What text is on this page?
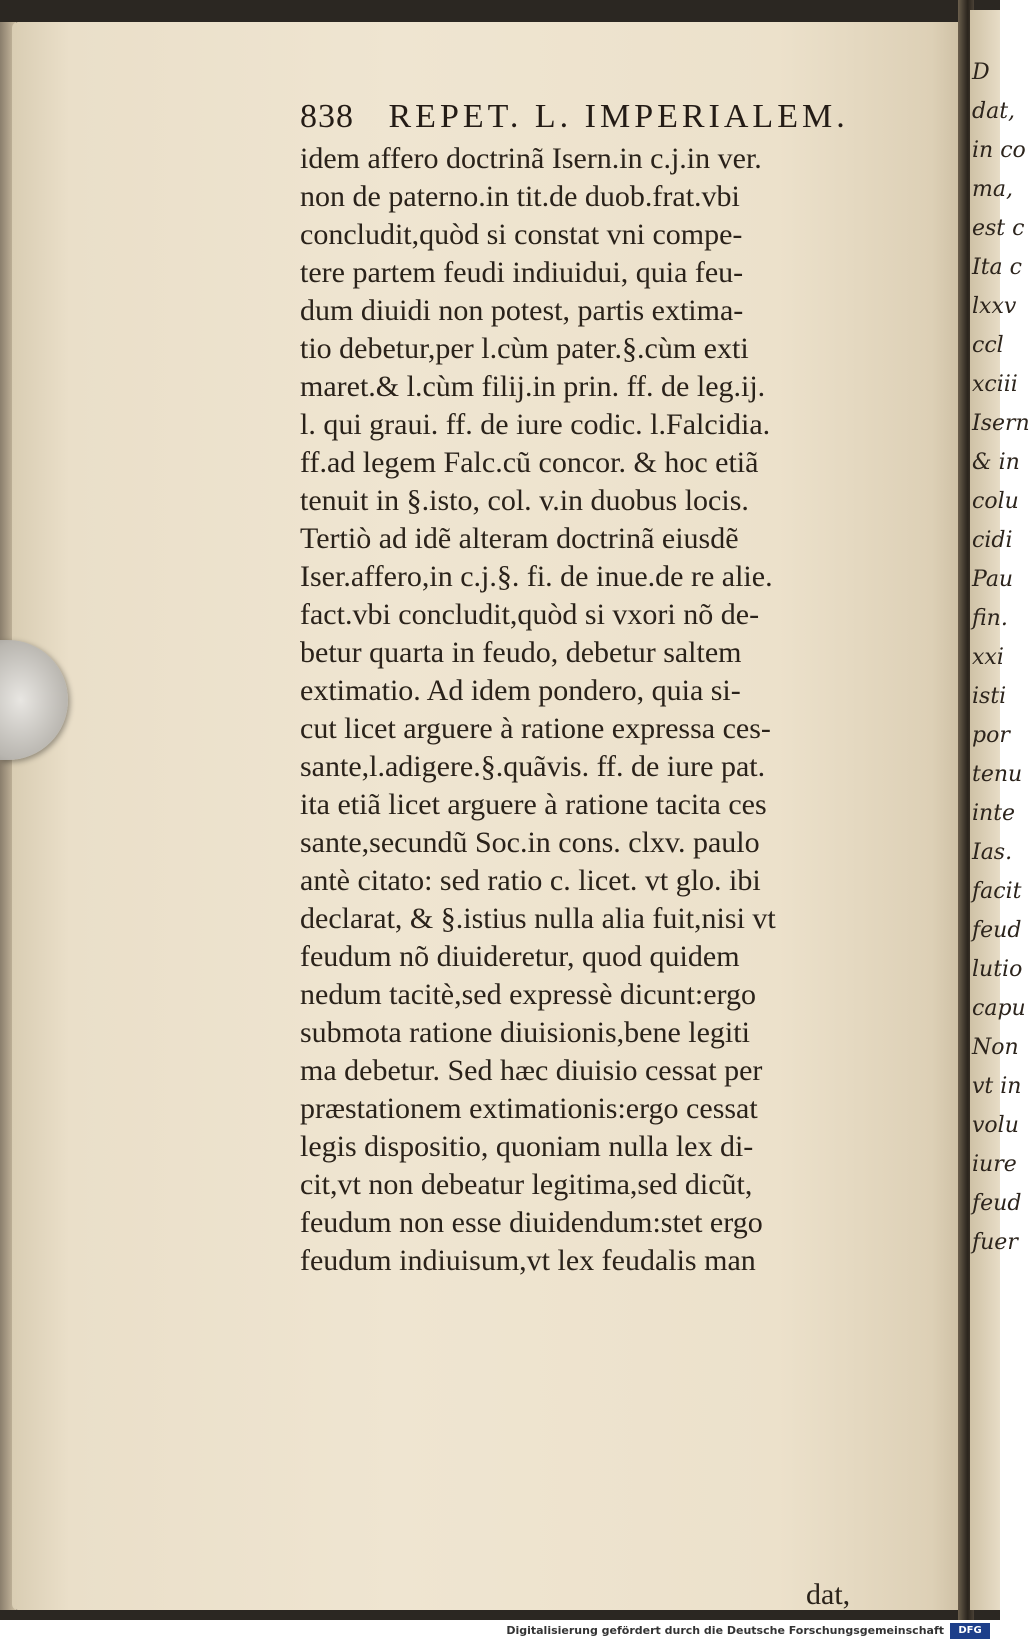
D
dat,
in co
ma,
est c
Ita c
lxxv
ccl
xciii
Isern
& in
colu
cidi
Pau
fin.
xxi
isti
por
tenu
inte
Ias.
facit
feud
lutio
capu
Non
vt in
volu
iure
feud
fuer
838 REPET. L. IMPERIALEM.
idem affero doctrinã Isern.in c.j.in ver.
non de paterno.in tit.de duob.frat.vbi
concludit,quòd si constat vni compe-
tere partem feudi indiuidui, quia feu-
dum diuidi non potest, partis extima-
tio debetur,per l.cùm pater.§.cùm exti
maret.& l.cùm filij.in prin. ff. de leg.ij.
l. qui graui. ff. de iure codic. l.Falcidia.
ff.ad legem Falc.cũ concor. & hoc etiã
tenuit in §.isto, col. v.in duobus locis.
Tertiò ad idẽ alteram doctrinã eiusdẽ
Iser.affero,in c.j.§. fi. de inue.de re alie.
fact.vbi concludit,quòd si vxori nõ de-
betur quarta in feudo, debetur saltem
extimatio. Ad idem pondero, quia si-
cut licet arguere à ratione expressa ces-
sante,l.adigere.§.quãvis. ff. de iure pat.
ita etiã licet arguere à ratione tacita ces
sante,secundũ Soc.in cons. clxv. paulo
antè citato: sed ratio c. licet. vt glo. ibi
declarat, & §.istius nulla alia fuit,nisi vt
feudum nõ diuideretur, quod quidem
nedum tacitè,sed expressè dicunt:ergo
submota ratione diuisionis,bene legiti
ma debetur. Sed hæc diuisio cessat per
præstationem extimationis:ergo cessat
legis dispositio, quoniam nulla lex di-
cit,vt non debeatur legitima,sed dicũt,
feudum non esse diuidendum:stet ergo
feudum indiuisum,vt lex feudalis man
dat,
Digitalisierung gefördert durch die Deutsche Forschungsgemeinschaft	DFG
